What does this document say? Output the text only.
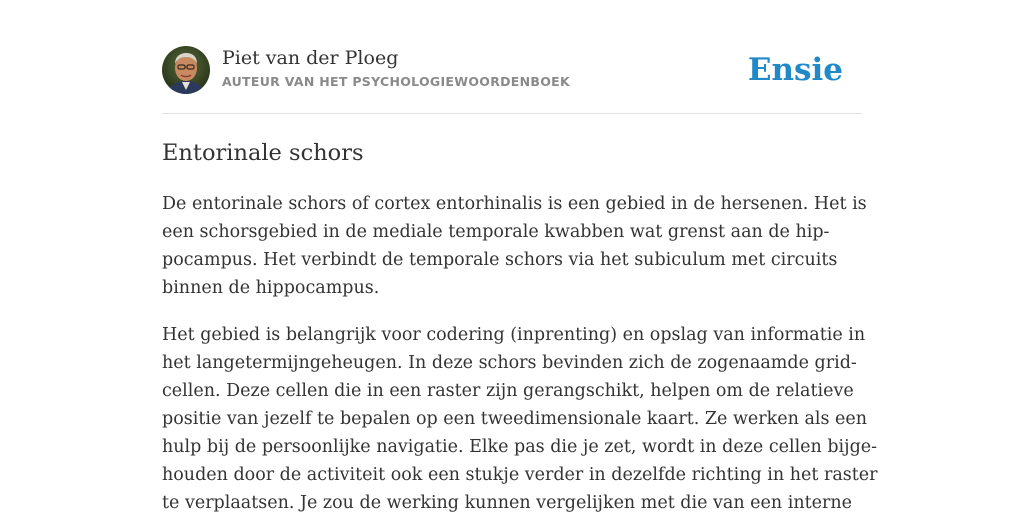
Piet van der Ploeg
AUTEUR VAN HET PSYCHOLOGIEWOORDENBOEK	Ensie
Entorinale schors

De entorinale schors of cortex entorhinalis is een gebied in de hersenen. Het is
een schorsgebied in de mediale temporale kwabben wat grenst aan de hip-
pocampus. Het verbindt de temporale schors via het subiculum met circuits
binnen de hippocampus.

Het gebied is belangrijk voor codering (inprenting) en opslag van informatie in
het langetermijngeheugen. In deze schors bevinden zich de zogenaamde grid-
cellen. Deze cellen die in een raster zijn gerangschikt, helpen om de relatieve
positie van jezelf te bepalen op een tweedimensionale kaart. Ze werken als een
hulp bij de persoonlijke navigatie. Elke pas die je zet, wordt in deze cellen bijge-
houden door de activiteit ook een stukje verder in dezelfde richting in het raster
te verplaatsen. Je zou de werking kunnen vergelijken met die van een interne
